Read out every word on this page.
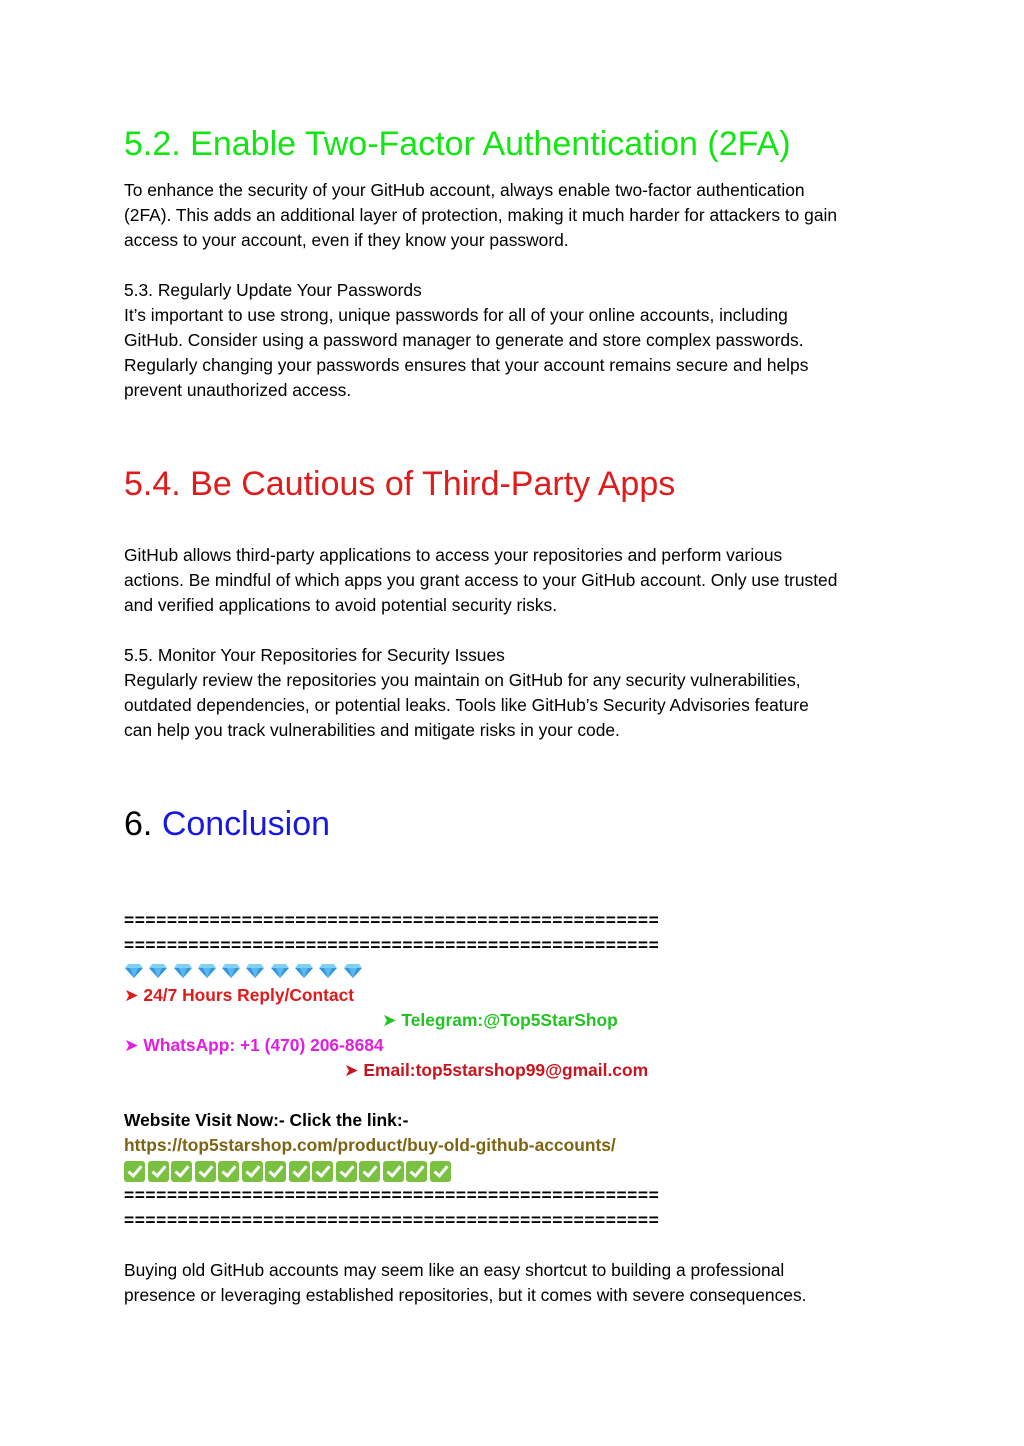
5.2. Enable Two-Factor Authentication (2FA)
To enhance the security of your GitHub account, always enable two-factor authentication
(2FA). This adds an additional layer of protection, making it much harder for attackers to gain
access to your account, even if they know your password.
5.3. Regularly Update Your Passwords
It’s important to use strong, unique passwords for all of your online accounts, including
GitHub. Consider using a password manager to generate and store complex passwords.
Regularly changing your passwords ensures that your account remains secure and helps
prevent unauthorized access.
5.4. Be Cautious of Third-Party Apps
GitHub allows third-party applications to access your repositories and perform various
actions. Be mindful of which apps you grant access to your GitHub account. Only use trusted
and verified applications to avoid potential security risks.
5.5. Monitor Your Repositories for Security Issues
Regularly review the repositories you maintain on GitHub for any security vulnerabilities,
outdated dependencies, or potential leaks. Tools like GitHub’s Security Advisories feature
can help you track vulnerabilities and mitigate risks in your code.
6. Conclusion
==================================================
==================================================
➤ 24/7 Hours Reply/Contact
➤ Telegram:@Top5StarShop
➤ WhatsApp: +1 (470) 206-8684
➤ Email:top5starshop99@gmail.com
Website Visit Now:- Click the link:-
https://top5starshop.com/product/buy-old-github-accounts/
==================================================
==================================================
Buying old GitHub accounts may seem like an easy shortcut to building a professional
presence or leveraging established repositories, but it comes with severe consequences.
